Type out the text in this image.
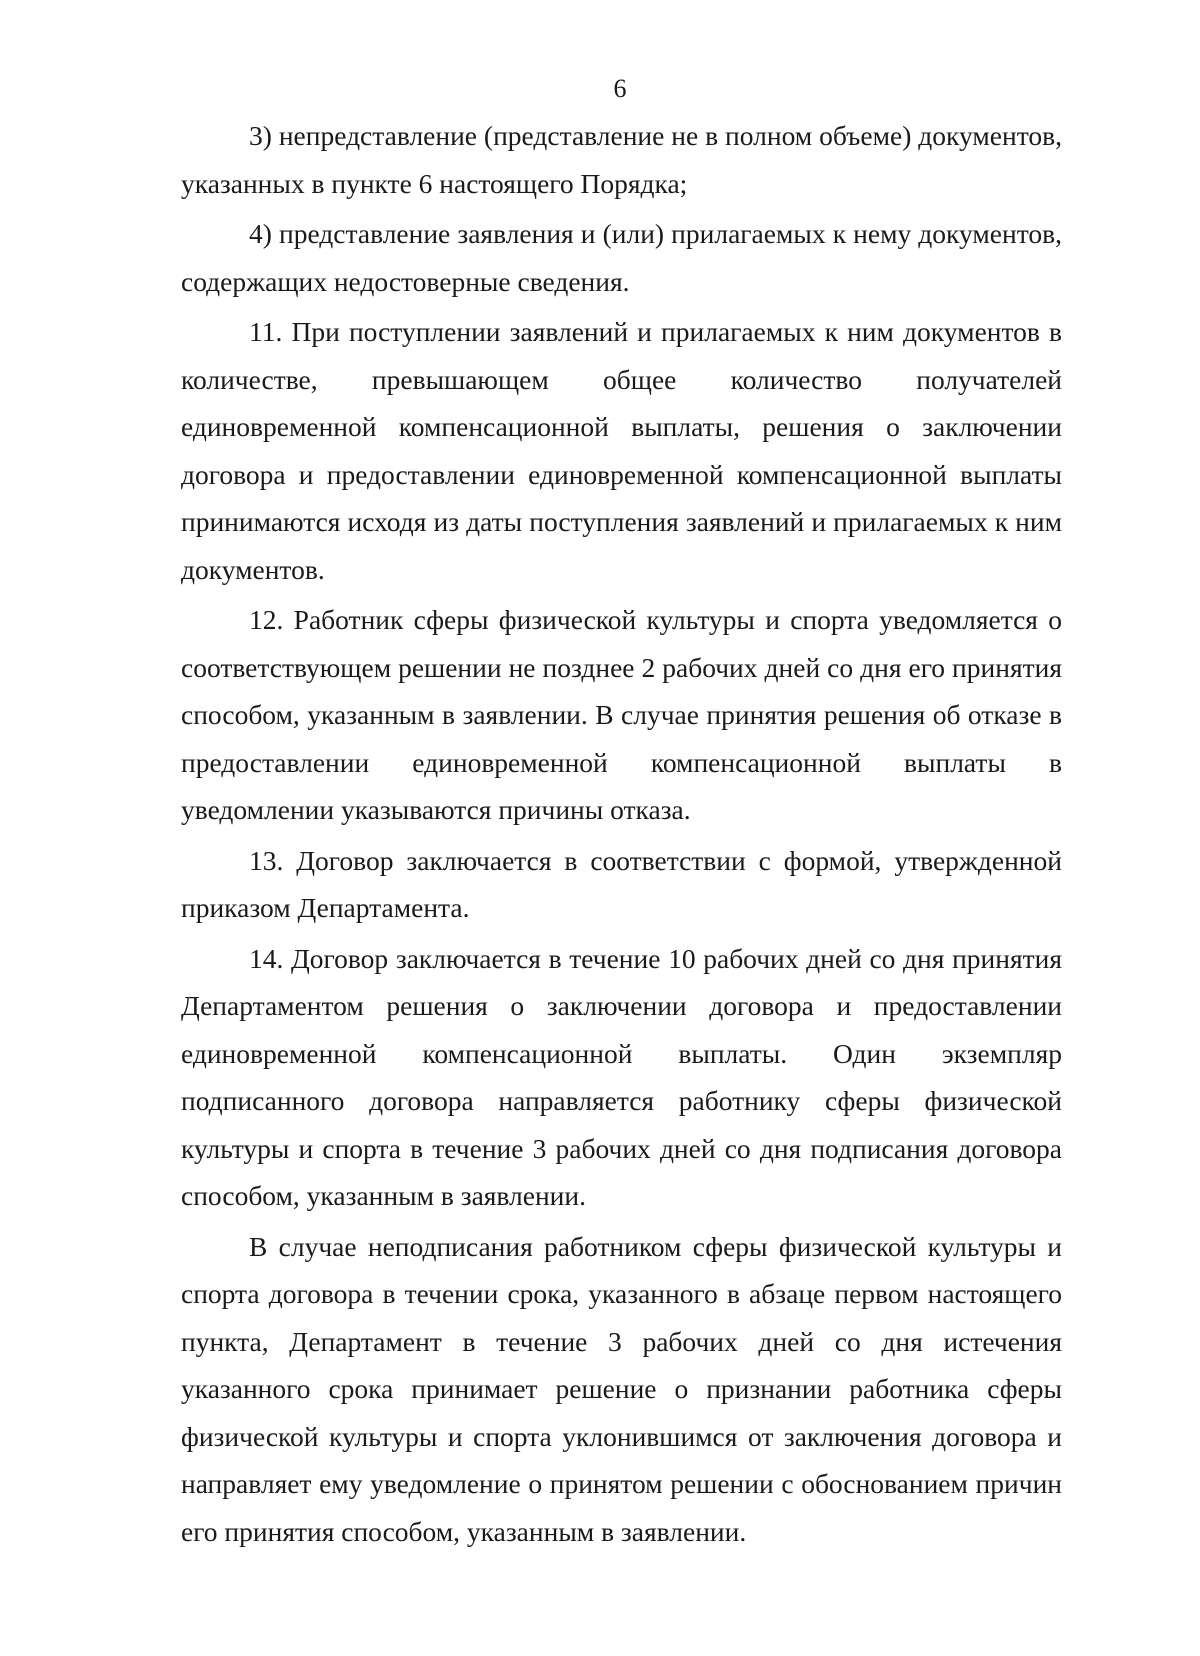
6

3) непредставление (представление не в полном объеме) документов, указанных в пункте 6 настоящего Порядка;

4) представление заявления и (или) прилагаемых к нему документов, содержащих недостоверные сведения.

11. При поступлении заявлений и прилагаемых к ним документов в количестве, превышающем общее количество получателей единовременной компенсационной выплаты, решения о заключении договора и предоставлении единовременной компенсационной выплаты принимаются исходя из даты поступления заявлений и прилагаемых к ним документов.

12. Работник сферы физической культуры и спорта уведомляется о соответствующем решении не позднее 2 рабочих дней со дня его принятия способом, указанным в заявлении. В случае принятия решения об отказе в предоставлении единовременной компенсационной выплаты в уведомлении указываются причины отказа.

13. Договор заключается в соответствии с формой, утвержденной приказом Департамента.

14. Договор заключается в течение 10 рабочих дней со дня принятия Департаментом решения о заключении договора и предоставлении единовременной компенсационной выплаты. Один экземпляр подписанного договора направляется работнику сферы физической культуры и спорта в течение 3 рабочих дней со дня подписания договора способом, указанным в заявлении.

В случае неподписания работником сферы физической культуры и спорта договора в течении срока, указанного в абзаце первом настоящего пункта, Департамент в течение 3 рабочих дней со дня истечения указанного срока принимает решение о признании работника сферы физической культуры и спорта уклонившимся от заключения договора и направляет ему уведомление о принятом решении с обоснованием причин его принятия способом, указанным в заявлении.
